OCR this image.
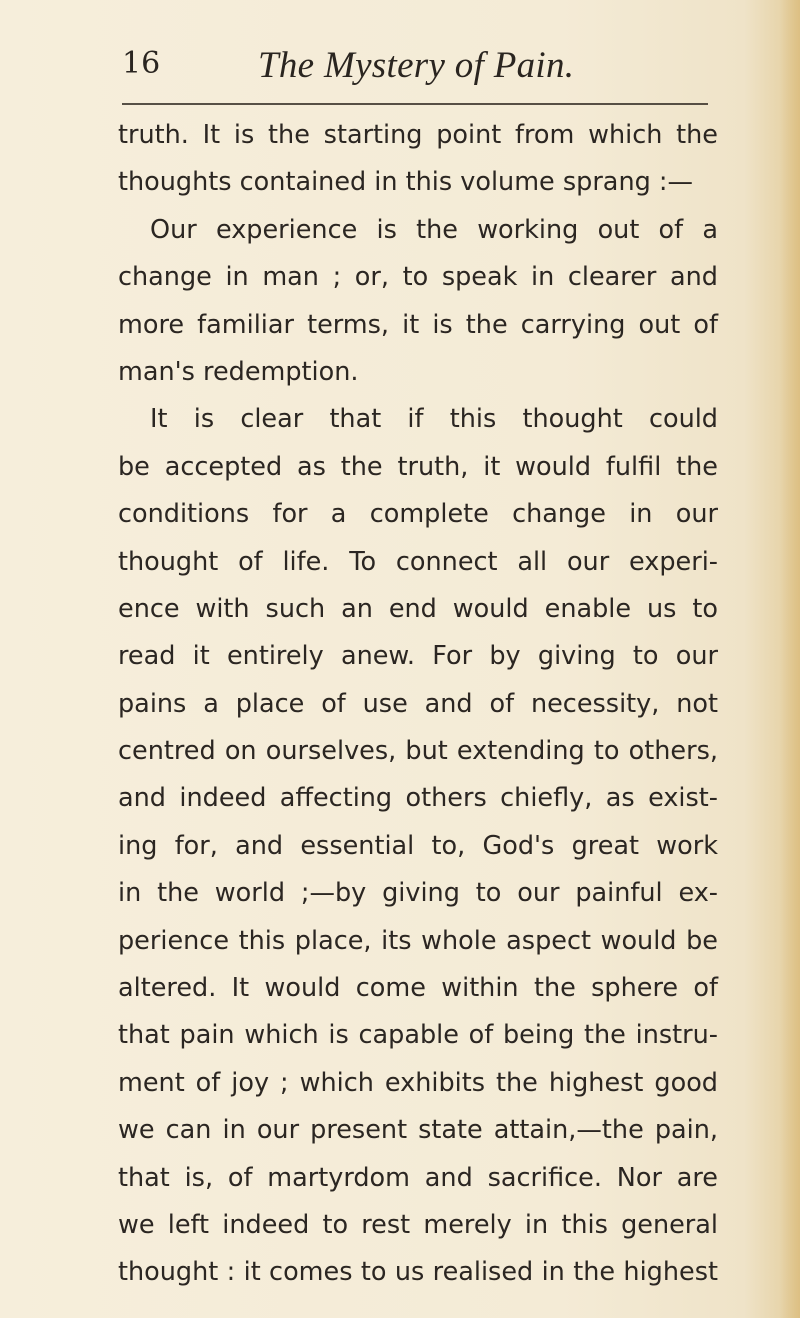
16	The Mystery of Pain.
truth. It is the starting point from which the
thoughts contained in this volume sprang :—
Our experience is the working out of a
change in man ; or, to speak in clearer and
more familiar terms, it is the carrying out of
man's redemption.
It is clear that if this thought could
be accepted as the truth, it would fulfil the
conditions for a complete change in our
thought of life. To connect all our experi-
ence with such an end would enable us to
read it entirely anew. For by giving to our
pains a place of use and of necessity, not
centred on ourselves, but extending to others,
and indeed affecting others chiefly, as exist-
ing for, and essential to, God's great work
in the world ;—by giving to our painful ex-
perience this place, its whole aspect would be
altered. It would come within the sphere of
that pain which is capable of being the instru-
ment of joy ; which exhibits the highest good
we can in our present state attain,—the pain,
that is, of martyrdom and sacrifice. Nor are
we left indeed to rest merely in this general
thought : it comes to us realised in the highest
